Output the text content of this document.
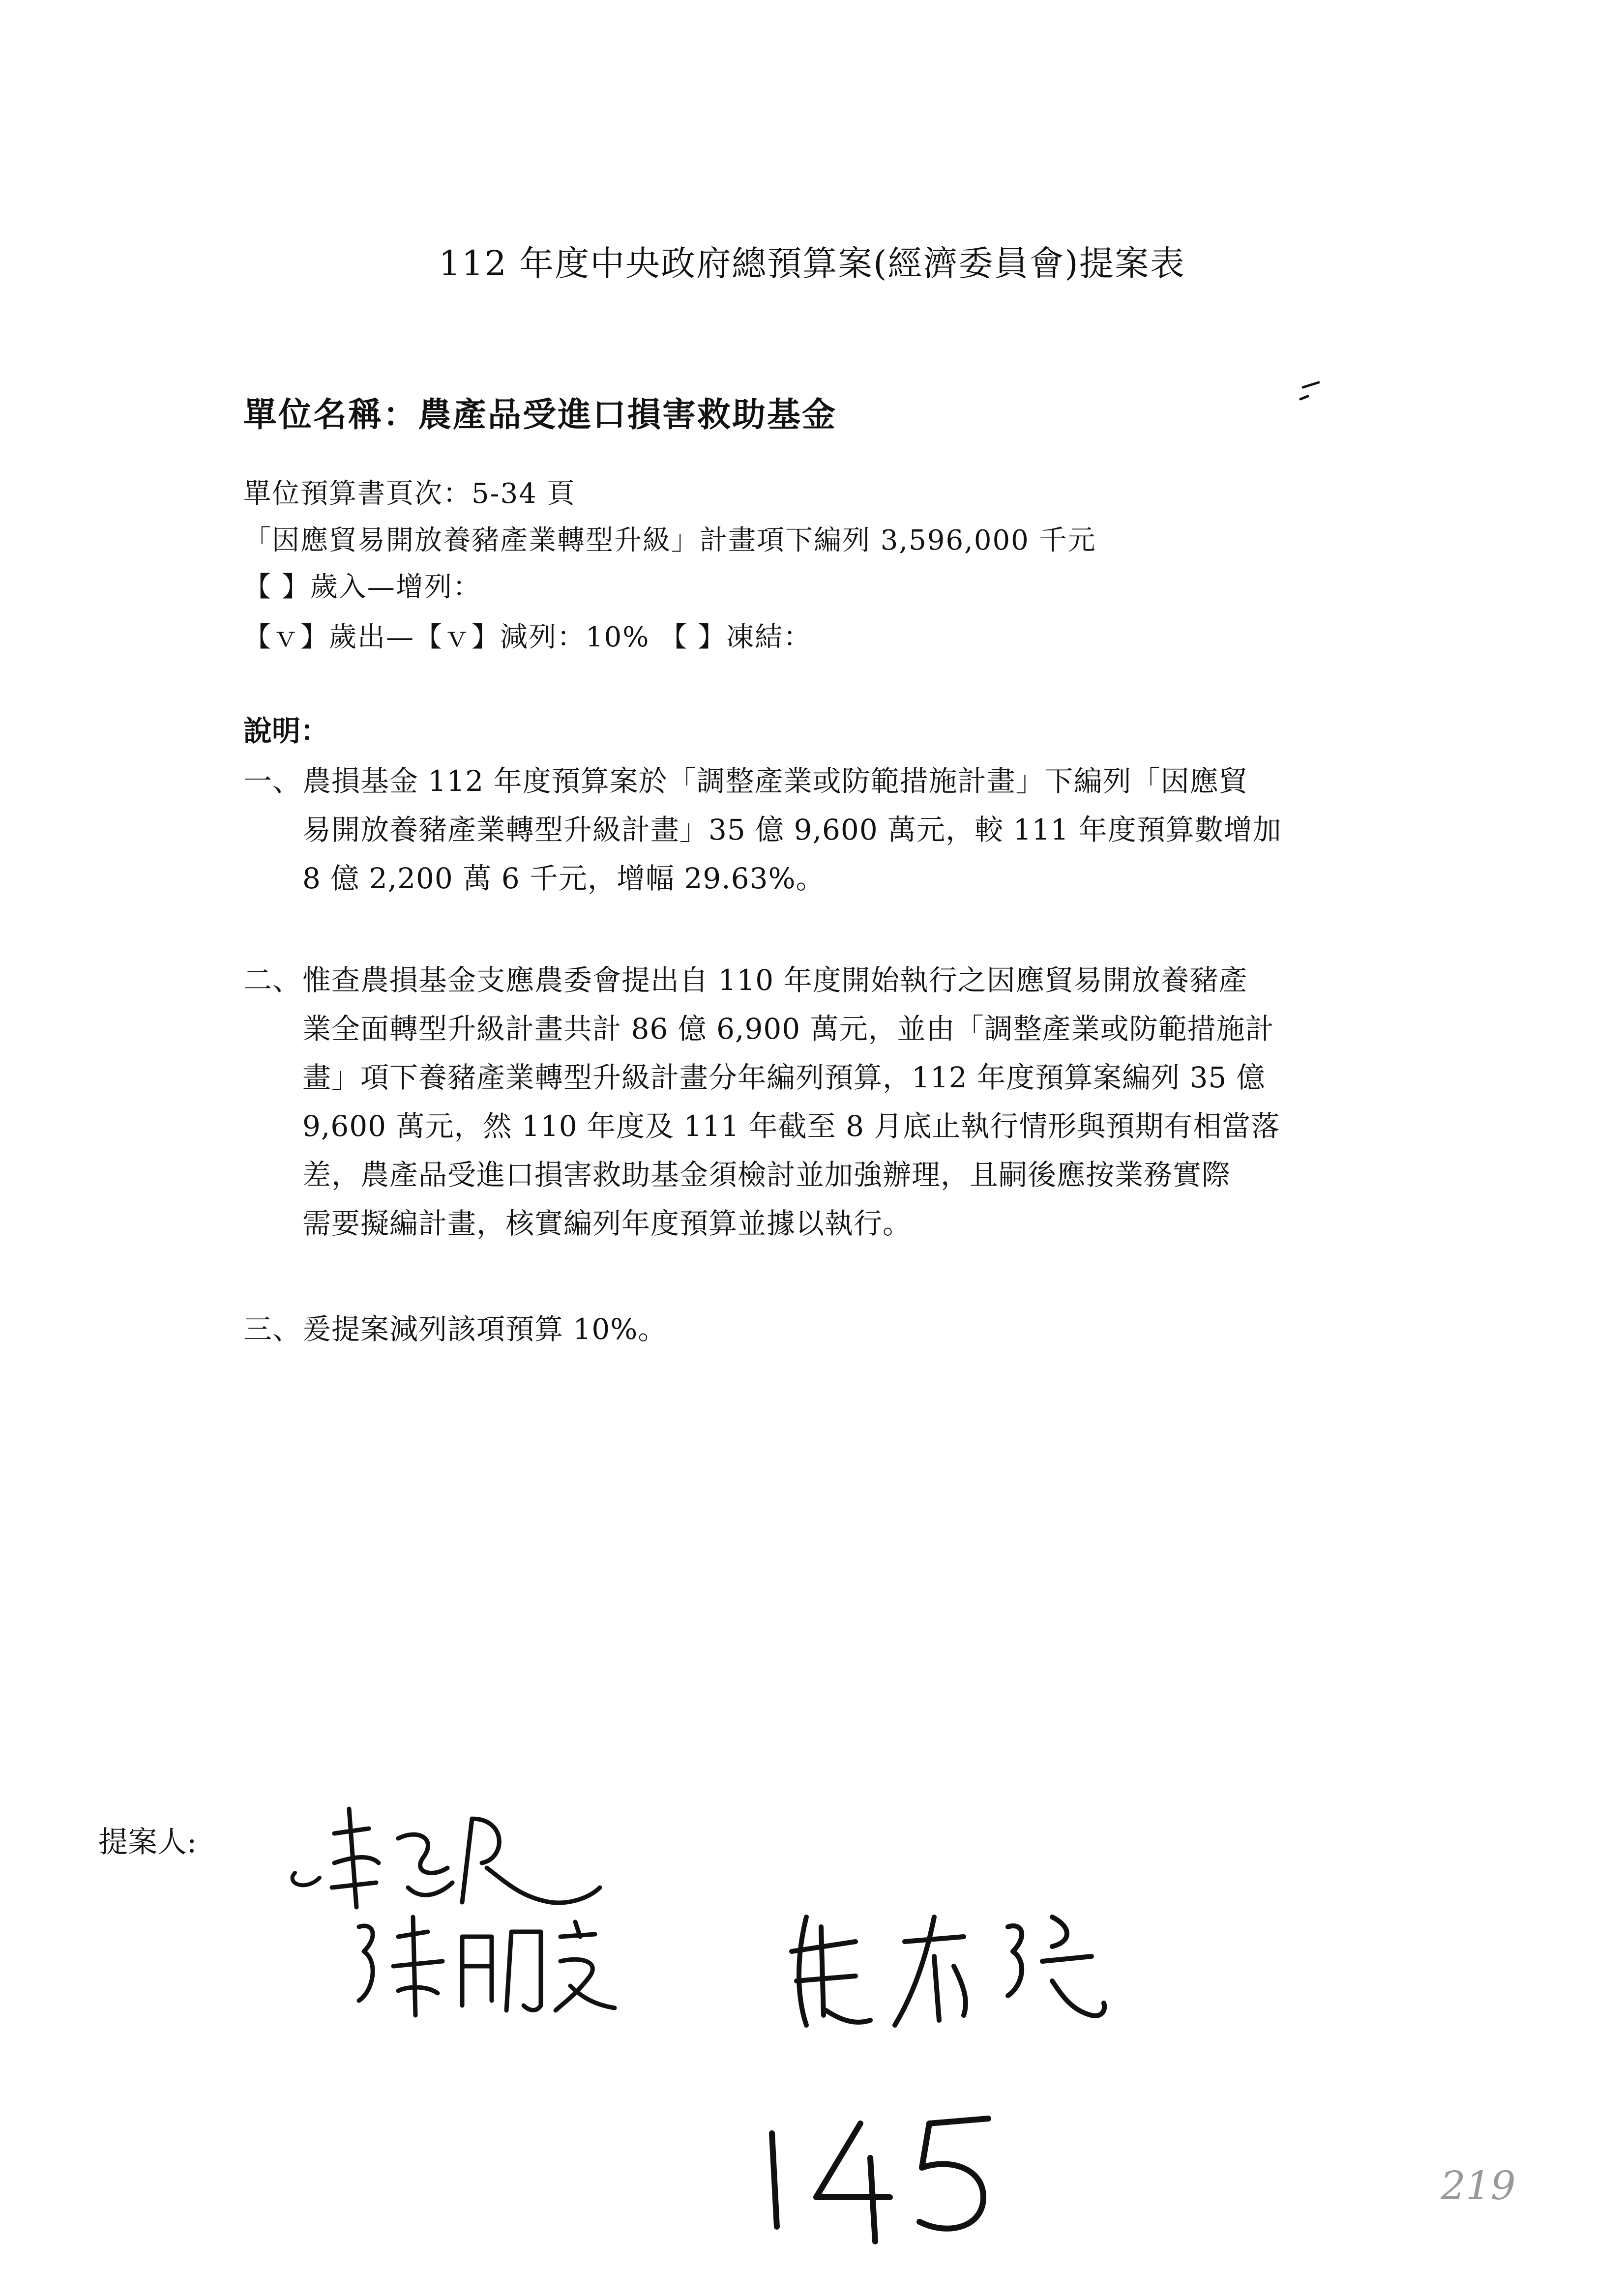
112 年度中央政府總預算案(經濟委員會)提案表
單位名稱：農產品受進口損害救助基金
單位預算書頁次：5-34 頁
「因應貿易開放養豬產業轉型升級」計畫項下編列 3,596,000 千元
【 】歲入—增列：
【ｖ】歲出—【ｖ】減列：10% 【 】凍結：
說明：
一、 農損基金 112 年度預算案於「調整產業或防範措施計畫」下編列「因應貿
易開放養豬產業轉型升級計畫」35 億 9,600 萬元，較 111 年度預算數增加
8 億 2,200 萬 6 千元，增幅 29.63%。
二、 惟查農損基金支應農委會提出自 110 年度開始執行之因應貿易開放養豬產
業全面轉型升級計畫共計 86 億 6,900 萬元，並由「調整產業或防範措施計
畫」項下養豬產業轉型升級計畫分年編列預算，112 年度預算案編列 35 億
9,600 萬元，然 110 年度及 111 年截至 8 月底止執行情形與預期有相當落
差，農產品受進口損害救助基金須檢討並加強辦理，且嗣後應按業務實際
需要擬編計畫，核實編列年度預算並據以執行。
三、 爰提案減列該項預算 10%。
提案人:
219
